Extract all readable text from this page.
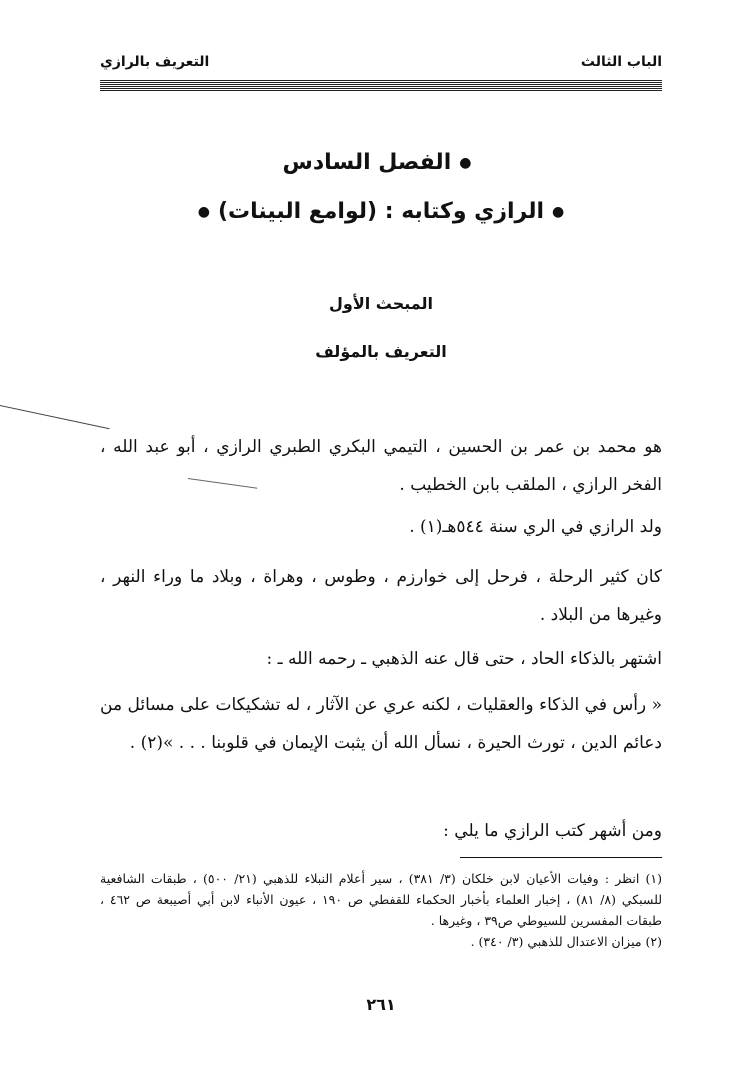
الباب الثالث
التعريف بالرازي
●الفصل السادس
●الرازي وكتابه : (لوامع البينات)●
المبحث الأول
التعريف بالمؤلف

هو محمد بن عمر بن الحسين ، التيمي البكري الطبري الرازي ، أبو عبد الله ، الفخر الرازي ، الملقب بابن الخطيب .

ولد الرازي في الري سنة ٥٤٤هـ(١) .

كان كثير الرحلة ، فرحل إلى خوارزم ، وطوس ، وهراة ، وبلاد ما وراء النهر ، وغيرها من البلاد .

اشتهر بالذكاء الحاد ، حتى قال عنه الذهبي ـ رحمه الله ـ :

« رأس في الذكاء والعقليات ، لكنه عري عن الآثار ، له تشكيكات على مسائل من دعائم الدين ، تورث الحيرة ، نسأل الله أن يثبت الإيمان في قلوبنا . . . »(٢) .

ومن أشهر كتب الرازي ما يلي :

(١) انظر : وفيات الأعيان لابن خلكان (٣/ ٣٨١) ، سير أعلام النبلاء للذهبي (٢١/ ٥٠٠) ، طبقات الشافعية للسبكي (٨/ ٨١) ، إخبار العلماء بأخبار الحكماء للقفطي ص ١٩٠ ، عيون الأنباء لابن أبي أصيبعة ص ٤٦٢ ، طبقات المفسرين للسيوطي ص٣٩ ، وغيرها .

(٢) ميزان الاعتدال للذهبي (٣/ ٣٤٠) .

٢٦١
